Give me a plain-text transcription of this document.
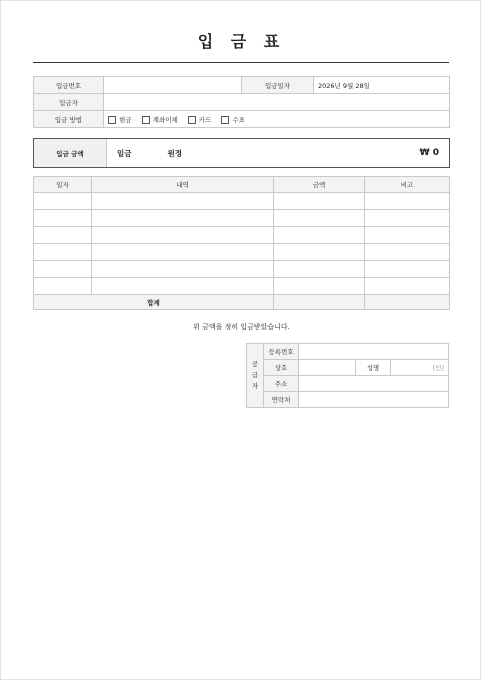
입 금 표
입금번호		입금일자	2026년 9월 28일
입금자			
입금 방법	현금 계좌이체 카드 수표		
입금 금액	일금	원정	₩ 0
일자	내역	금액	비고

합계			
위 금액을 정히 입금받았습니다.
공
급
자	등록번호			
	상호		성명	(인)
	주소			
	연락처			
